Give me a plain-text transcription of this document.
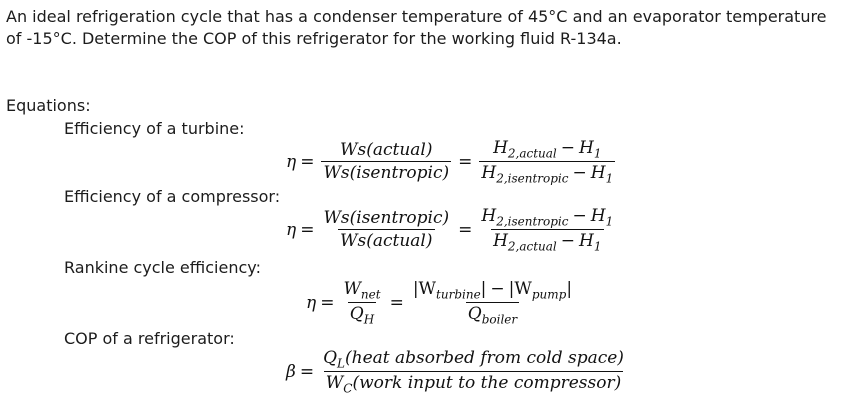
An ideal refrigeration cycle that has a condenser temperature of 45°C and an evaporator temperature
of -15°C. Determine the COP of this refrigerator for the working fluid R-134a.

Equations:

Efficiency of a turbine:

Efficiency of a compressor:

Rankine cycle efficiency:

COP of a refrigerator:

$\eta = \frac{\text{Ws(actual)}}{\text{Ws(isentropic)}} = \frac{H_{2,actual} - H_1}{H_{2,isentropic} - H_1}$
$\eta = \frac{\text{Ws(isentropic)}}{\text{Ws(actual)}} = \frac{H_{2,isentropic} - H_1}{H_{2,actual} - H_1}$
$\eta = \frac{W_{net}}{Q_H} = \frac{|W_{turbine}| - |W_{pump}|}{Q_{boiler}}$
$\beta = \frac{Q_L(heat absorbed from cold space)}{W_C(work input to the compressor)}$
